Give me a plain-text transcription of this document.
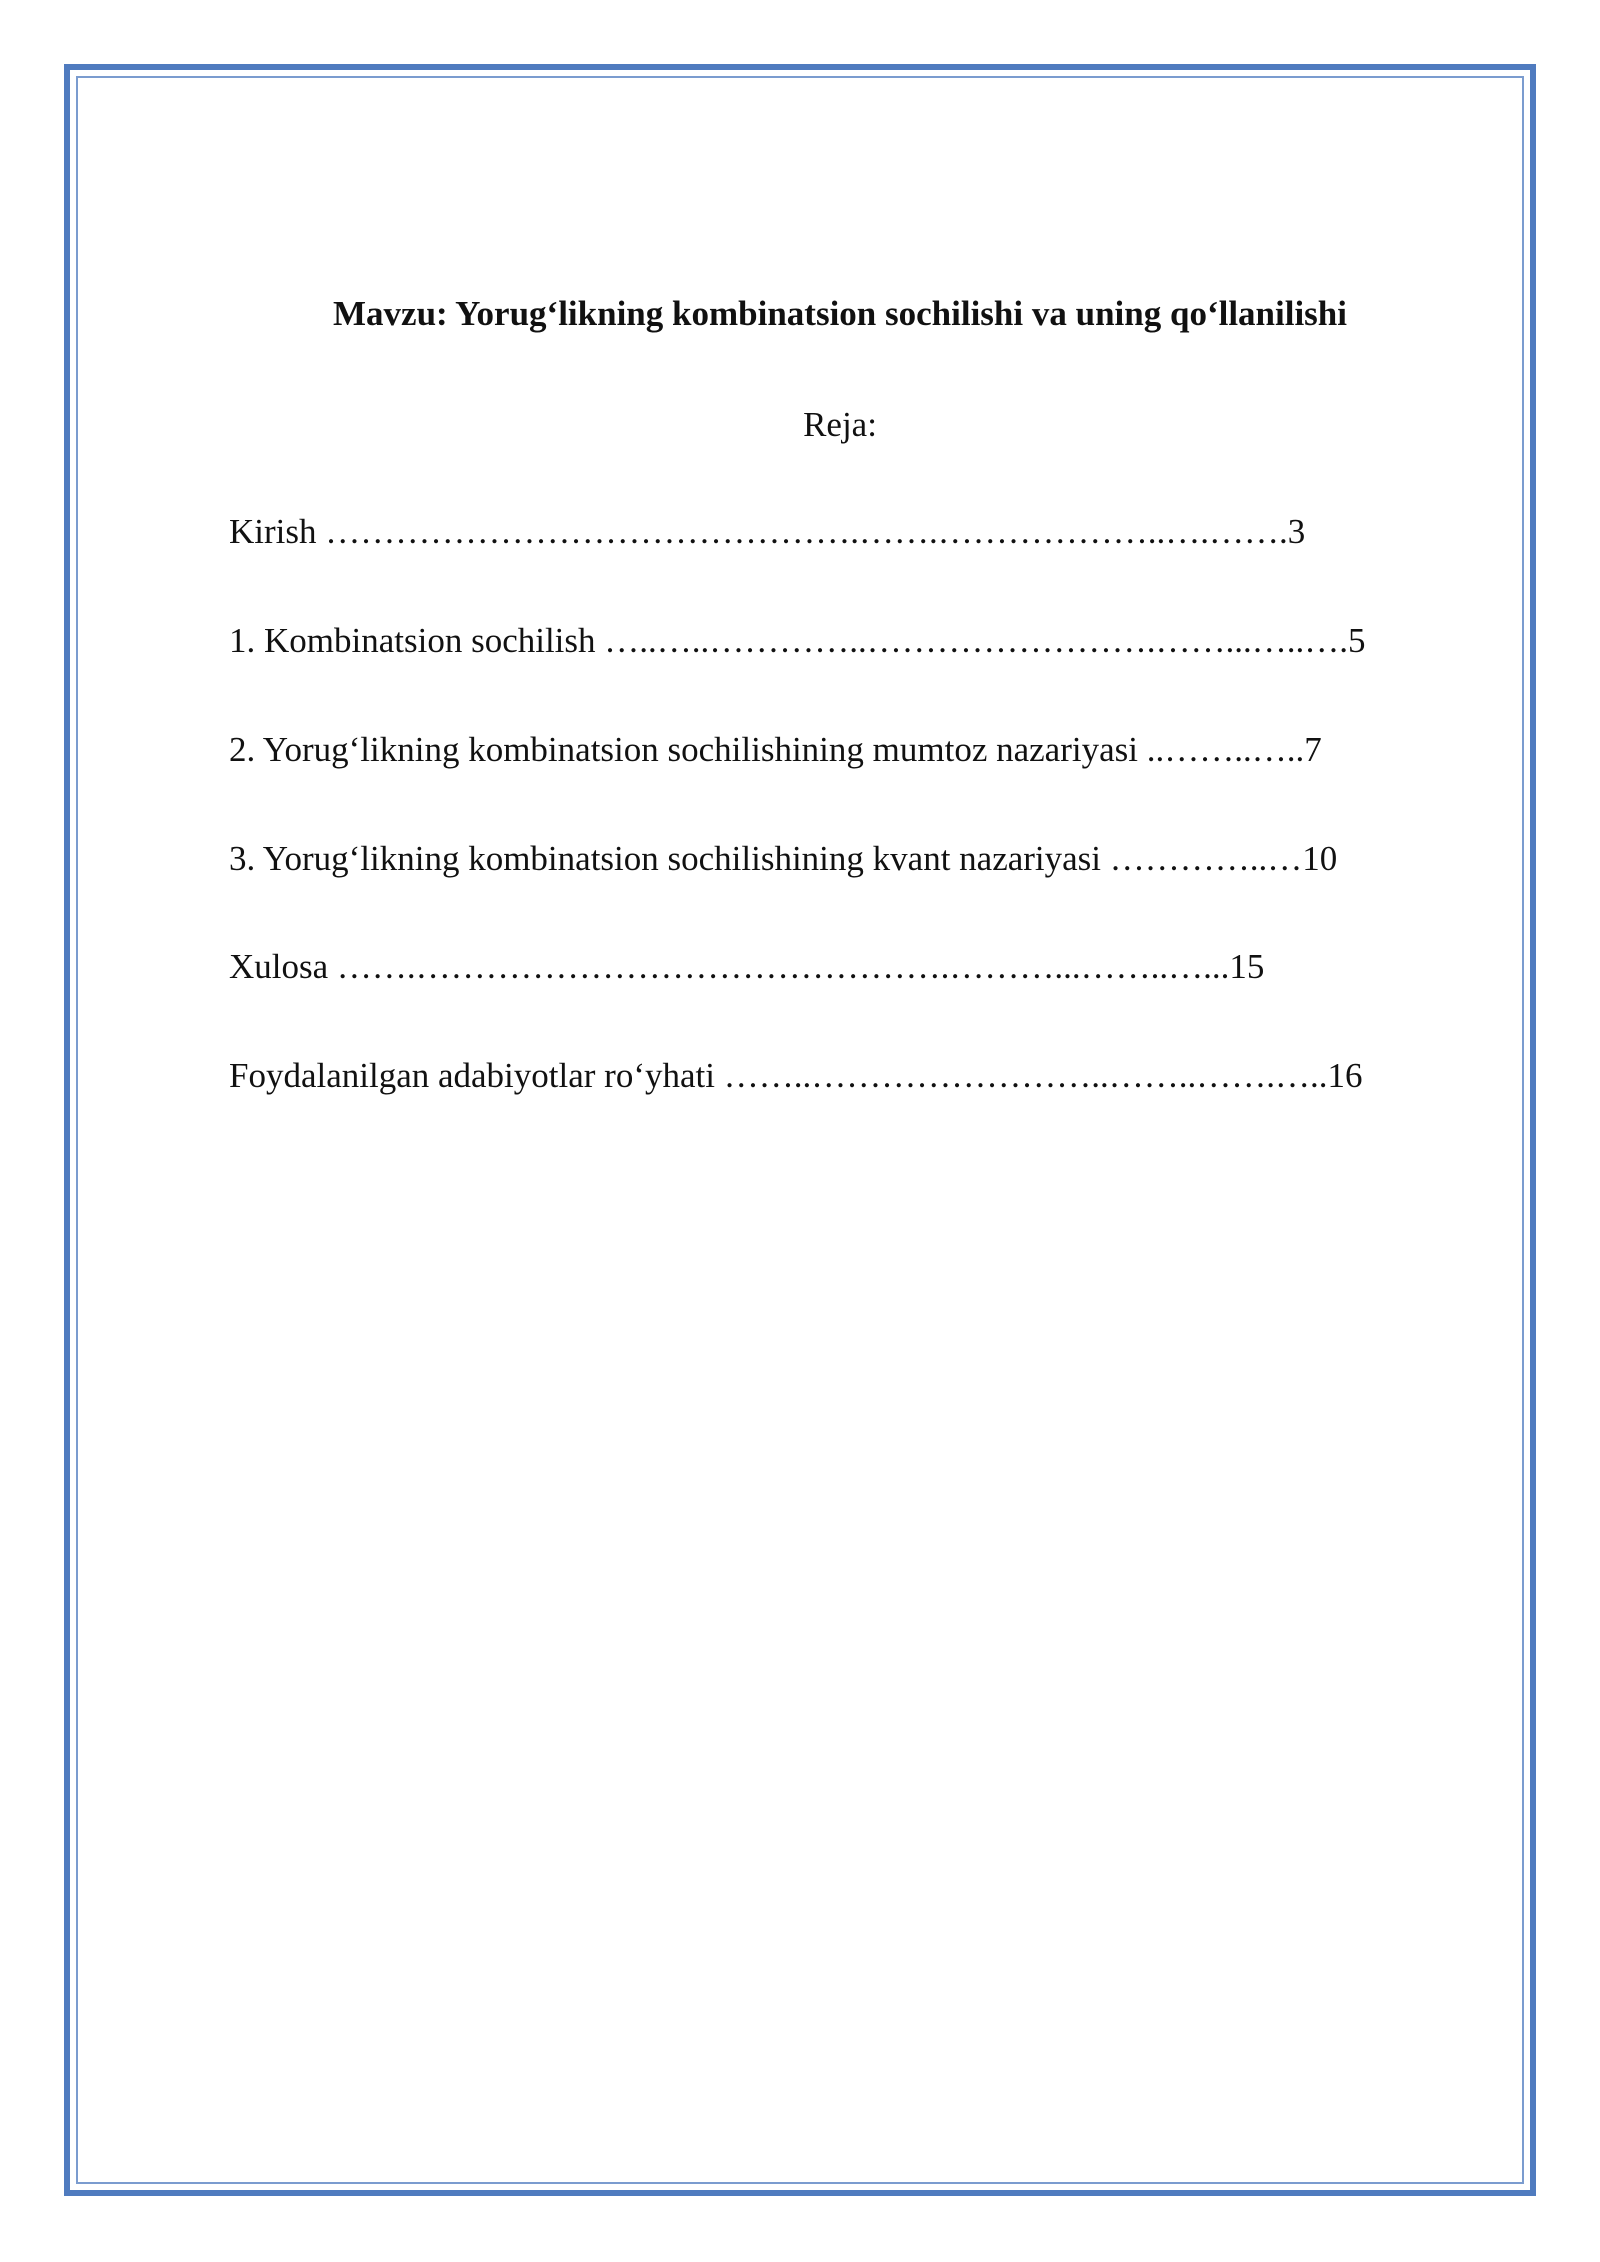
Mavzu: Yorug‘likning kombinatsion sochilishi va uning qo‘llanilishi
Reja:
Kirish ……………………………………….…….………………..….…….3
1. Kombinatsion sochilish …..…..…………..…………………….……...…..….5
2. Yorug‘likning kombinatsion sochilishining mumtoz nazariyasi ..……..…..7
3. Yorug‘likning kombinatsion sochilishining kvant nazariyasi …………..…10
Xulosa …….……………………………………….………...……..…...15
Foydalanilgan adabiyotlar ro‘yhati ……..……………………..……..…….…..16
